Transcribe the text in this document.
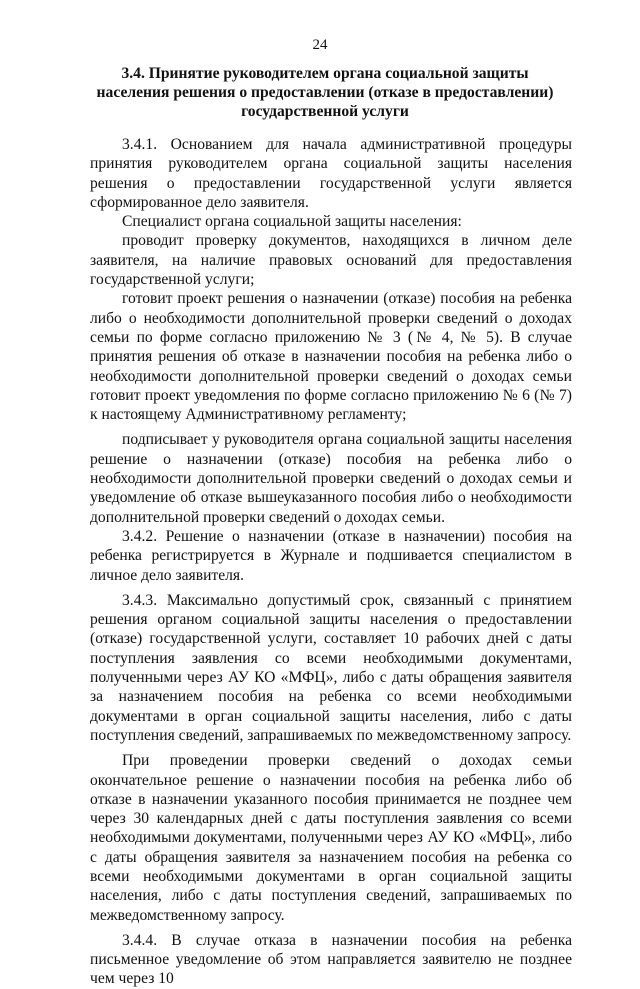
24
3.4. Принятие руководителем органа социальной защиты населения решения о предоставлении (отказе в предоставлении) государственной услуги

3.4.1. Основанием для начала административной процедуры принятия руководителем органа социальной защиты населения решения о предоставлении государственной услуги является сформированное дело заявителя.

Специалист органа социальной защиты населения:

проводит проверку документов, находящихся в личном деле заявителя, на наличие правовых оснований для предоставления государственной услуги;

готовит проект решения о назначении (отказе) пособия на ребенка либо о необходимости дополнительной проверки сведений о доходах семьи по форме согласно приложению № 3 (№ 4, № 5). В случае принятия решения об отказе в назначении пособия на ребенка либо о необходимости дополнительной проверки сведений о доходах семьи готовит проект уведомления по форме согласно приложению № 6 (№ 7) к настоящему Административному регламенту;

подписывает у руководителя органа социальной защиты населения решение о назначении (отказе) пособия на ребенка либо о необходимости дополнительной проверки сведений о доходах семьи и уведомление об отказе вышеуказанного пособия либо о необходимости дополнительной проверки сведений о доходах семьи.

3.4.2. Решение о назначении (отказе в назначении) пособия на ребенка регистрируется в Журнале и подшивается специалистом в личное дело заявителя.

3.4.3. Максимально допустимый срок, связанный с принятием решения органом социальной защиты населения о предоставлении (отказе) государственной услуги, составляет 10 рабочих дней с даты поступления заявления со всеми необходимыми документами, полученными через АУ КО «МФЦ», либо с даты обращения заявителя за назначением пособия на ребенка со всеми необходимыми документами в орган социальной защиты населения, либо с даты поступления сведений, запрашиваемых по межведомственному запросу.

При проведении проверки сведений о доходах семьи окончательное решение о назначении пособия на ребенка либо об отказе в назначении указанного пособия принимается не позднее чем через 30 календарных дней с даты поступления заявления со всеми необходимыми документами, полученными через АУ КО «МФЦ», либо с даты обращения заявителя за назначением пособия на ребенка со всеми необходимыми документами в орган социальной защиты населения, либо с даты поступления сведений, запрашиваемых по межведомственному запросу.

3.4.4. В случае отказа в назначении пособия на ребенка письменное уведомление об этом направляется заявителю не позднее чем через 10
